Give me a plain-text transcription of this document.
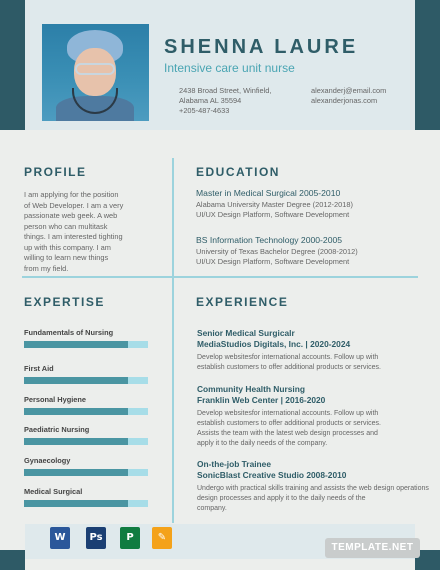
SHENNA LAURE
Intensive care unit nurse
2438 Broad Street, Winfield,
Alabama AL 35594
+205-487-4633
alexanderj@email.com
alexanderjonas.com
PROFILE	EDUCATION
EXPERTISE	EXPERIENCE
I am applying for the position
of Web Developer. I am a very
passionate web geek. A web
person who can multitask
things. I am interested tighting
up with this company. I am
willing to learn new things
from my field.
Master in Medical Surgical 2005-2010
Alabama University Master Degree (2012-2018)
UI/UX Design Platform, Software Development
BS Information Technology 2000-2005
University of Texas Bachelor Degree (2008-2012)
UI/UX Design Platform, Software Development
Fundamentals of Nursing
First Aid
Personal Hygiene
Paediatric Nursing
Gynaecology
Medical Surgical
Senior Medical Surgicalr
MediaStudios Digitals, Inc. | 2020-2024
Develop websitesfor international accounts. Follow up with
establish customers to offer additional products or services.
Community Health Nursing
Franklin Web Center | 2016-2020
Develop websitesfor international accounts. Follow up with
establish customers to offer additional products or services.
Assists the team with the latest web design processes and
apply it to the daily needs of the company.
On-the-job Trainee
SonicBlast Creative Studio 2008-2010
Undergo with practical skills training and assists the web design operations
design processes and apply it to the daily needs of the
company.
W	Ps	P	✎
TEMPLATE.NET
